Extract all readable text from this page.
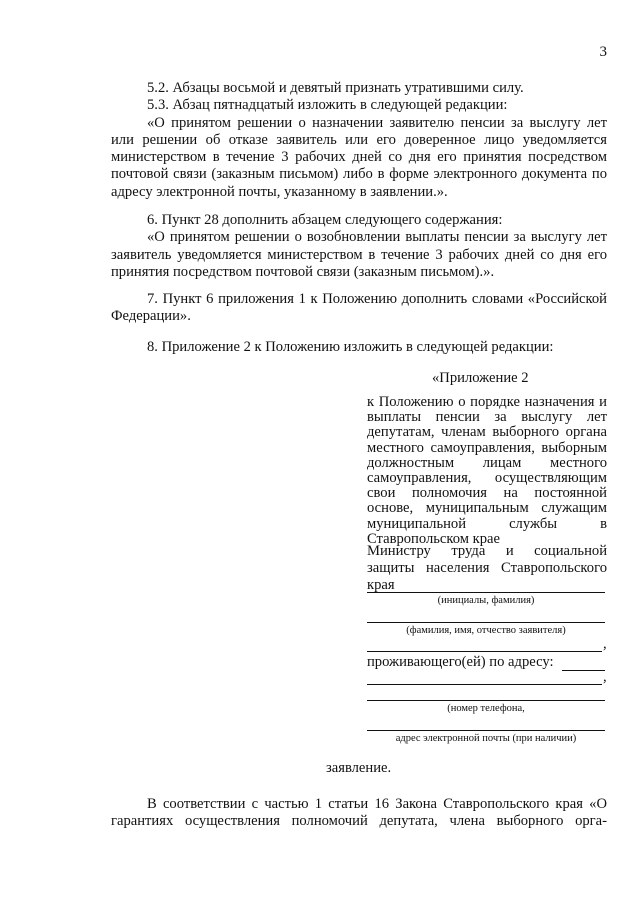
3

5.2. Абзацы восьмой и девятый признать утратившими силу.

5.3. Абзац пятнадцатый изложить в следующей редакции:

«О принятом решении о назначении заявителю пенсии за выслугу лет или решении об отказе заявитель или его доверенное лицо уведомляется министерством в течение 3 рабочих дней со дня его принятия посредством почтовой связи (заказным письмом) либо в форме электронного документа по адресу электронной почты, указанному в заявлении.».

6. Пункт 28 дополнить абзацем следующего содержания:

«О принятом решении о возобновлении выплаты пенсии за выслугу лет заявитель уведомляется министерством в течение 3 рабочих дней со дня его принятия посредством почтовой связи (заказным письмом).».

7. Пункт 6 приложения 1 к Положению дополнить словами «Российской Федерации».

8. Приложение 2 к Положению изложить в следующей редакции:

«Приложение 2
к Положению о порядке назначения и выплаты пенсии за выслугу лет депутатам, членам выборного органа местного самоуправления, выборным должностным лицам местного самоуправления, осуществляющим свои полномочия на постоянной основе, муниципальным служащим муниципальной службы в Ставропольском крае
Министру труда и социальной защиты населения Ставропольского края
(инициалы, фамилия)
(фамилия, имя, отчество заявителя)
,
проживающего(ей) по адресу:
,
(номер телефона,
адрес электронной почты (при наличии)
заявление.

В соответствии с частью 1 статьи 16 Закона Ставропольского края «О гарантиях осуществления полномочий депутата, члена выборного орга-
